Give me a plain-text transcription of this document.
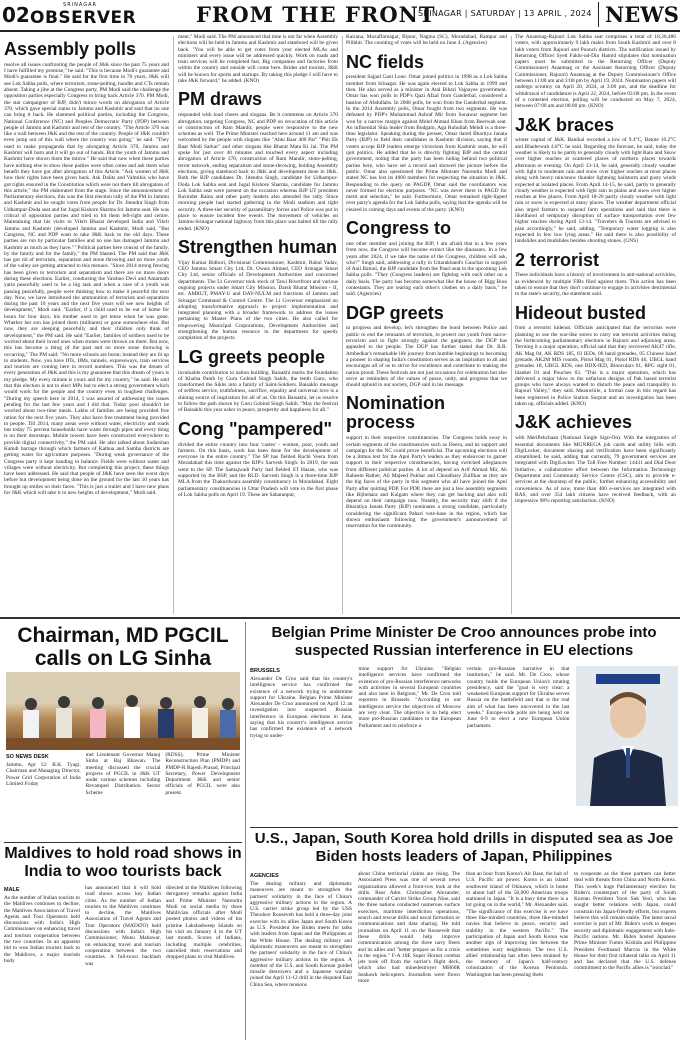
02	SRINAGAR
OBSERVER	FROM THE FRONT
SRINAGAR | SATURDAY | 13 APRIL , 2024 NEWS
Assembly polls

resolve all issues confronting the people of J&K since the past 75 years and I have fulfilled my promise," he said. "This is because Modi's guarantee and Modi's guarantee is final." He said for the first time in 70 years, J&K will see Lok Sabha polls, where terrorism, stone-pelting, bandhs and CTs remain absent. Taking a jibe at the Congress party, PM Modi said the challenge the opposition parties especially Congress to bring back Article 370. PM Modi, the star campaigner of BJP, didn't mince words on abrogation of Article 370, which gave special status to Jammu and Kashmir and said that no one can bring it back. He slammed political parties, including the Congress, National Conference (NC) and Peoples Democratic Party (PDP) between people of Jammu and Kashmir and rest of the country. "The Article 370 was like a wall between J&K and the rest of the country. People of J&K couldn't even jump out of this wall where the country was going," he said. "They used to make propaganda that by abrogating Article 370, Jammu and Kashmir will burn and it will go out of hands. But the youth of Jammu and Kashmir have shown them the mirror." He said that now when these parties have nothing else to show these parties were often come and ask them what benefit they have got after abrogation of this Article. "Ask women of J&K how their rights have been given back. Ask Dalits and Valmikis who have got rights ensured in the Constitution which were not there till abrogation of this article," the PM elaborated from the stage. Since the announcement of Parliamentary elections, this was the first election rally of the PM in Jammu and Kashmir and he sought votes from people for Dr. Jitendra Singh from Udhampur-Doda seat and for Jugal Kishore Sharma for Jammu seat. He was critical of opposition parties and tried to hit them left-right and centre. Maintaining that his visits to Vikrit Bharat developed India and Vikrit Jammu and Kashmir (developed Jammu and Kashmir, Modi said, "But Congress, NC and PDP want to take J&K back to the old days. These parties are run by particular families and no one has damaged Jammu and Kashmir as much as they have." "Political parties here consist of the family, by the family and for the family," the PM blasted. The PM said that J&K has got rid of terrorism, separatism and stone throwing and no more youth of the valley are getting attracted to this menace. "Since 2014 strong fencing has been given to terrorism and separatism and there are no more doors during these elections. Earlier, conducting the Vaishno Devi and Amarnath yatra peacefully used to be a big task and when a case of a youth was passing peacefully, people were thinking how to make it peaceful the next day. Now, we have introduced the ammunition of terrorists and separatists during the past 10 years and the next five years will see new heights of development," Modi said. "Earlier, if a child used to be out of home for hours for four days, his mother used to get tense when he was gone. Whether her son has joined them (militants) or gone somewhere else. But now, they are sleeping peacefully and their children only think of development," the PM said. He said "Earlier, families of soldiers used to be worried about their loved ones when stones were thrown on them. But now, this has become a thing of the past and no more stone throwing is occurring." The PM said: "No more schools are burnt; instead they are lit up to students. Now, you have IITs, IIMs, tunnels, expressways, train services and tourists are coming here in record numbers. This was the dream of every generation of J&K and this is my guarantee that this dream of yours is my pledge. My every minute is yours and for my country," he said. He said that this election is not to elect MPs but to elect a strong government which would work for the people and the country even in toughest challenges. "During my speech here in 2014, I was assured of addressing the issues pending for the last few years and I did that. Today poor shouldn't be worried about two-time meals. Lakhs of families are being provided free ration for the next five years. They also have free treatment being provided to people. Till 2014, many areas were without water, electricity and roads but today 75 percent households have water through pipes and every thing is on their doorsteps. Mobile towers have been constructed everywhere to provide digital connectivity," the PM said. He also talked about Sudarshan Kamdi barrage through which farmers of Kathua and Samba districts are getting water for agriculture purposes. "During weak governance of the Congress party it kept handing in balance. Fields were without water and villages were without electricity. But completing this project, these things have been addressed. He said that people of J&K have seen the worst days before but development being done on the ground for the last 10 years has brought up smiles on their faces. "This is just a trailer and I have new plans for J&K which will take it to new heights of development," Modi said.

ment," Modi said. The PM announced that time is not far when Assembly elections will be held in Jammu and Kashmir and statehood will be given back. "You will be able to get votes from your elected MLAs and ministers and every issue will be addressed quickly. Work on roads and train services will be completed fast. Big companies and factories from within the country and outside will come here. Brides and tourists, J&K will be known for sports and startups. By taking this pledge I will have to take J&K forward," he added. (KNO)

PM draws

responded with loud cheers and slogans. Be it comments on Article 370 abrogation, targeting Congress, NC and PDP on revocation of this article or construction of Ram Mandir, people were responsive to the new schemes as well. The Prime Minister reached here around 11 am and was welcomed by the people with slogans like "Abki Baar 400 Par" "Phir Ek Baar Modi Sarkar" and other slogans like Bharat Mata Ki Jai. The PM spoke for just over 40 minutes and touched every aspect including abrogation of Article 370, construction of Ram Mandir, stone-pelting, terror network, ending separatism and stone-throwing, holding Assembly elections, giving statehood back to J&K and development done in J&K. Both the BJP candidates Dr. Jitendra Singh, candidate for Udhampur-Doda Lok Sabha seat and Jugal Kishore Sharma, candidate for Jammu Lok Sabha seat were present on the occasion whereas BJP UT president Ravinder Raina and other party leaders also attended the rally. Since morning people had started gathering in the Modi stadium and tight security. A three-tier security of paramilitary forces and Police was put in place to ensure incident free events. The movement of vehicles on Jammu-Srinagar national highway from this place was halted till the rally ended. (KNO)

Strengthen human

Vijay Kumar Bidhuri, Divisional Commissioner, Kashmir, Rahul Yadav, CEO Jammu Smart City Ltd, Dr. Owais Ahmed, CEO Srinagar Smart City Ltd, senior officials of Development Authorities and concerned departments. The Lt Governor took stock of Tawi Riverfront and various ongoing projects under Smart City Mission, Darsh Bharat Mission - II, etc. AMRUT, PMAY-U and DAY-NULM and functions of Jammu and Srinagar Command & Control Centre. The Lt Governor emphasized on adopting transformative approach to project implementation and integrated planning with a broader framework to address the issues pertaining to Master Plans of the two cities. He also called for empowering Municipal Corporations, Development Authorities and strengthening the human resource in the department for speedy completion of the projects.

LG greets people

invaluable contribution to nation building. Baisakhi marks the foundation of Khalsa Panth by Guru Gobind Singh Sahib, the tenth Guru, who transformed the Sikhs into a family of Saint-Soldiers. Baisakhi message of selfless service, truthfulness, sacrifice, equality and universal love is a shining source of inspiration for all of us. On this Baisakhi, let us resolve to follow the path shown by Guru Gobind Singh Sahib. "May the festival of Baisakhi this year usher in peace, prosperity and happiness for all."

Cong "pampered"

divided the entire country into four 'castes' - women, poor, youth and farmers. On this basis, work has been done for the development of everyone in the entire country." The SP has fielded Ruchi Veera from Moradabad this time against the BJP's Sarvesh Singh. In 2019, the seat went to the SP. The Samajwadi Party had fielded ST Hasan, who was supported by the BSP, and the RLD. Sarvesh Singh is a three-time BJP MLA from the Thakurdwara assembly constituency in Moradabad. Eight parliamentary constituencies in Uttar Pradesh will vote in the first phase of Lok Sabha polls on April 19. These are Saharanpur,

Kairana, Muzaffarnagar, Bijnor, Nagina (SC), Moradabad, Rampur and Pilibhit. The counting of votes will be held on June 4. (Agencies)

NC fields

president Sajjad Gani Lone. Omar joined politics in 1998 as a Lok Sabha member from Srinagar. He was again elected to Lok Sabha in 1999 and then. He also served as a minister in Atal Bihari Vajpayee government. Omar has won polls in PDP's Qazi Afzal from Ganderbal, considered a bastion of Abdullahs. In 2008 polls, he won from the Ganderbal segment. In the 2014 Assembly polls, Omar fought from two segments. He was defeated by PDP's Muhammad Ashraf Mir from Sonawar segment but won by a narrow margin against Mohd Ahmad Khan from Beerwah seat. An influential Shia leader from Budgam, Aga Ruhullah Mehdi is a three-time legislator. Speaking during the presser, Omar dared Bhartiya Janata Party (BJP) to field their candidates in Kashmir division, saying that if voters accept BJP leaders emerge victorious from Kashmir seats, he will quit politics. He added that he is directly fighting BJP and the central government, noting that the party has been hiding behind two political parties here, who have set a record and showed the picture before the public. Omar also questioned the Prime Minister Narendra Modi and stated NC has lost its 4000 members for respecting the situation in J&K. Responding to the query on PAGDP, Omar said the coordinators was never formed for election purposes. "NC was never there in PAGD for merit and selection," he said. Furthermore, Omar remained tight-lipped over party's agenda for the Lok Sabha polls, saying that the agenda will be cleared in coming days and events of the party. (KNO)

Congress to

one other member and joining the BJP, I am afraid that in a few years from now, the Congress will become extinct like the dinosaurs. In a few years after 2024, if we take the name of the Congress, children will ask, who?" Singh said, addressing a rally in Uttarakhand's Gauchar in support of Anil Baluni, the BJP candidate from the Pauri seat in the upcoming Lok Sabha polls. "They (Congress leaders) are fighting with each other on a daily basis. The party has become somewhat like the house of Bigg Boss contestants. They are tearing each other's clothes on a daily basis," he said. (Agencies)

DGP greets

to progress and develop, let's strengthen the bond between Police and public to end the remnants of terrorism, to protect our youth from narco-terrorism and to fight strongly against the gangsters, the DGP has appealed to the people. The DGP has further stated that Dr. B.R. Ambedkar's remarkable life journey from humble beginnings to becoming a pioneer in shaping India's constitution serves as an inspiration to all and encourages all of us to strive for excellence and contribute to making the nation proud. These festivals are not just occasions for celebration but also serve as reminders of the values of peace, unity, and progress that we should uphold in our society, DGP said in his message.

Nomination process

support in their respective constituencies. The Congress holds sway in certain segments of the constituencies such as Doeru, and its support and campaign for the NC could prove beneficial. The upcoming elections will be a litmus test for the Apni Party's leaders as they endeavour to garner support in their respective constituencies, having switched allegiances from different political parties. A lot of depend on Arif Ahmad Mir, Ab Raheem Rather, Ali Majeed Pukhar and Choudhary Zulfikar as they are the big faces of the party in this segment who all have joined the Apni Party after quitting PDP. For PDP, there are just a few assembly segments like Bijbehara and Kulgam where they can get backing and also will depend on their campaign now. Notably, the security may shift if the Bharatiya Janata Party (BJP) nominates a strong candidate, particularly considering the significant Pahari vote-base in the region, which has shown enthusiasm following the government's announcement of reservation for the community.

The Anantnag-Rajouri Lok Sabha seat comprises a total of 18,30,486 voters, with approximately 9 lakh males from South Kashmir and over 8 lakh voters from Rajouri and Poonch districts. The notification issued by Returning Officer Syed Fakhr-ud-Din Hamid stipulates that nomination papers must be submitted to the Returning Officer (Deputy Commissioner) Anantnag or the Assistant Returning Officer (Deputy Commissioner, Rajouri) Anantnag at the Deputy Commissioner's Office between 11:00 am and 3:00 pm by April 19, 2024. Nomination papers will undergo scrutiny on April 20, 2024, at 3:00 pm, and the deadline for withdrawal of candidature is April 22, 2024, before 03:00 pm. In the event of a contested election, polling will be conducted on May 7, 2024, between 07:00 am and 06:00 pm. (KNO)

J&K braces

winter capital of J&K. Banihal recorded a low of 9.4°C, Batote 10.2°C and Bhaderwah 4.8°C he said. Regarding the forecast, he said, today the weather is likely to be partly to generally cloudy with light Rain and Snow over higher reaches at scattered places of northern places towards afternoon or evening. On April 13-14, he said, generally cloudy weather with light to moderate rain and snow over higher reaches at most places along with heavy rain/snow thunder lightning hailstorm and gusty winds expected at isolated places. From April 14-15, he said, partly to generally cloudy weather is expected with light rain in plains and snow over higher reaches at few places. From April 18-20 partly cloudy weather with light rain or snow is expected at many places. The weather department official also urged farmers to suspend farm operations and said that there is likelihood of temporary disruption of surface transportation over few higher reaches during April 13-14. "Travelers & Tourists are advised to plan accordingly," he said, adding, "Temporary water logging is also expected in few low lying areas." He said there is also possibility of landslides and mudslides besides shooting stones. (GNS)

2 terrorist

These individuals have a history of involvement in anti-national activities, as evidenced by multiple FIRs filed against them. This action has been taken to ensure that they don't continue to engage in activities detrimental to the state's security, the statement said.

Hideout busted

from a terrorist hideout. Officials anticipated that the terrorists were planning to use the war-like stores to carry out terrorist activities during the forthcoming parliamentary elections in Rajouri and adjoining areas. Terming it a major operation, official said that they recovered AK47 rifle, AK Mag 04, AK RDS 185, 03 IEDs, 06 hand grenades, 05 Chinese hand grenade, AK2M MIS rounds, Pistol Mag 01, Pistol RDS 46, UBGL hand grenades 18, UBGL RDS, one RDX-IED, Binoculars 01, RPG sight 01, blanket 01 and Pouches 03. "This is a major operation, which has delivered a major blow to the nefarious designs of Pak based terrorist groups who have always wanted to disturb the peace and tranquility in Rajouri Valley," they said. Meanwhile, a formal case in this regard has been registered in Police Station Surprat and an investigation has been taken up, officials added. (KNO)

J&K achieves

with MeriPehchaan (National Single Sign-On). With the integration of essential documents like MGNREGA job cards and utility bills with DigiLocker, document sharing and verification have been significantly streamlined, he said, adding that currently, 79 government services are integrated with DigiLocker. The Toll Free Number: 14431 and Dial Door Initiative, a collaborative effort between the Information Technology Department and Community Service Centre (CSC), aim to provide e-services at the doorstep of the public, further enhancing accessibility and convenience. As of now, more than 400 e-services are integrated with RAS, and over 354 lakh citizens have received feedback, with an impressive 98% reporting satisfaction. (KNO)

Chairman, MD PGCIL calls on LG Sinha
SO NEWS DESK

Jammu, Apr 12: R.K. Tyagi, Chairman and Managing Director, Power Grid Corporation of India Limited Friday

met Lieutenant Governor Manoj Sinha at Raj Bhawan. The meeting discussed the crucial projects of PGCIL in J&K UT under various schemes including Revamped Distribution Sector Scheme

(RDSS), Prime Minister Reconstruction Plan (PMDP) and PMDP-R Rajesh Prasad, Principal Secretary, Power Development Department J&K and senior officials of PGCIL were also present.

Maldives to hold road shows in India to woo tourists back
MALE

As the number of Indian tourists to the Maldives continues to decline, the Maldives Association of Travel Agents and Tour Operators held discussions with India's High Commissioner on enhancing travel and tourism cooperation between the two countries. In an apparent bid to woo Indian tourists back to the Maldives, a major tourism body

has announced that it will hold road shows across key Indian cities. As the number of Indian tourists to the Maldives continues to decline, the Maldives Association of Travel Agents and Tour Operators (MATATO) held discussions with India's High Commissioner, Munu Mahawar, on enhancing travel and tourism cooperation between the two countries. A full-town backlash was

directed at the Maldives following derogatory remarks against India and Prime Minister Narendra Modi on social media by three Maldivian officials after Modi posted photos and videos of his pristine Lakshadweep Islands on his visit on January 4 to the UT last month. Scores of Indians, including multiple celebrities, cancelled their reservations and dropped plans to visit Maldives.

Belgian Prime Minister De Croo announces probe into suspected Russian interference in EU elections
BRUSSELS

Alexander De Croo said that his country's intelligence service has confirmed the existence of a network trying to undermine support for Ukraine. Belgian Prime Minister Alexander De Croo announced on April 12 an investigation into suspected Russian interference in European elections in June, saying that his country's intelligence service has confirmed the existence of a network trying to under-

mine support for Ukraine. "Belgian intelligence services have confirmed the existence of pro-Russian interference networks with activities in several European countries and also here in Belgium," Mr. De Croo told reporters in Brussels. "According to our intelligence service the objectives of Moscow are very clear. The objective is to help elect more pro-Russian candidates to the European Parliament and to reinforce a

certain pro-Russian narrative in that institution," he said. Mr. De Croo, whose country holds the European Union's rotating presidency, said the "goal is very clear: a weakened European support for Ukraine serves Russia on the battlefield and that is the real aim of what has been uncovered in the last weeks." Europe-wide polls are being held on June 6-9 to elect a new European Union parliament.

U.S., Japan, South Korea hold drills in disputed sea as Joe Biden hosts leaders of Japan, Philippines
AGENCIES

The dealing military and diplomatic maneuvers are meant to strengthen the partners' solidarity in the face of China's aggressive military actions in the region. A U.S. carrier strike group led by the USS Theodore Roosevelt has held a three-day joint exercise with its allies Japan and South Korea as U.S. President Joe Biden meets for talks with leaders from Japan and the Philippines at the White House. The dealing military and diplomatic maneuvers are meant to strengthen the partners' solidarity in the face of China's aggressive military actions in the region. A member of the U.S. and South Korean guided missile destroyers and a Japanese warship joined the April 11-12 drill in the disputed East China Sea, where tensions

about China territorial claims are rising. The Associated Press was one of several news organizations allowed a front-row look at the drills. Rear Adm. Christopher Alexander, commander of Carrier Strike Group Nine, said the three nations conducted numerous surface exercises, maritime interdiction operations, search and rescue drills and naval formation or communications and data sharing. He told journalists on April 11 on the Roosevelt that these drills would help improve communication among the three navy fleets and its allies and "better prepare us for a crisis in the region." F-A 18E Super Hornet combat jets took off from the carrier's flight deck, which also had minedestroyer MH60R Seahawk helicopters. Journalists were flown more

than an hour from Korea's Air Base, the hub of U.S. Pacific air power. Korea is an island southwest island of Okinawa, which is home to about half of the 50,000 American troops stationed in Japan. "It is a busy time there is a lot going on in the world," Mr. Alexander said. "The significance of this exercise is we have three like-minded countries, three like-minded navies that believe in peace, security and stability in the western Pacific." The participation of Japan and South Korea was another sign of improving ties between the sometimes wary neighbours. The two U.S. allies' relationship has often been strained by the memory of Japan's half-century colonization of the Korean Peninsula. Washington has been pressing them

to cooperate as the three partners can better deal with threats from China and North Korea. This week's huge Parliamentary election for Biden's counterpart of the party of South Korean President Yoon Suk Yeol, who has sought better relations with Japan, could constrain his Japan-friendly efforts, but experts believe this will remain stable. The latest naval exercise is part of Mr. Biden's work to deepen security and diplomatic engagement with Indo-Pacific nations. Mr. Biden hosted Japanese Prime Minister Fumio Kishida and Philippine President Ferdinand Marcos in the White House for their first trilateral talks on April 11 and has declared that the U.S. defense commitment to the Pacific allies is "ironclad."
